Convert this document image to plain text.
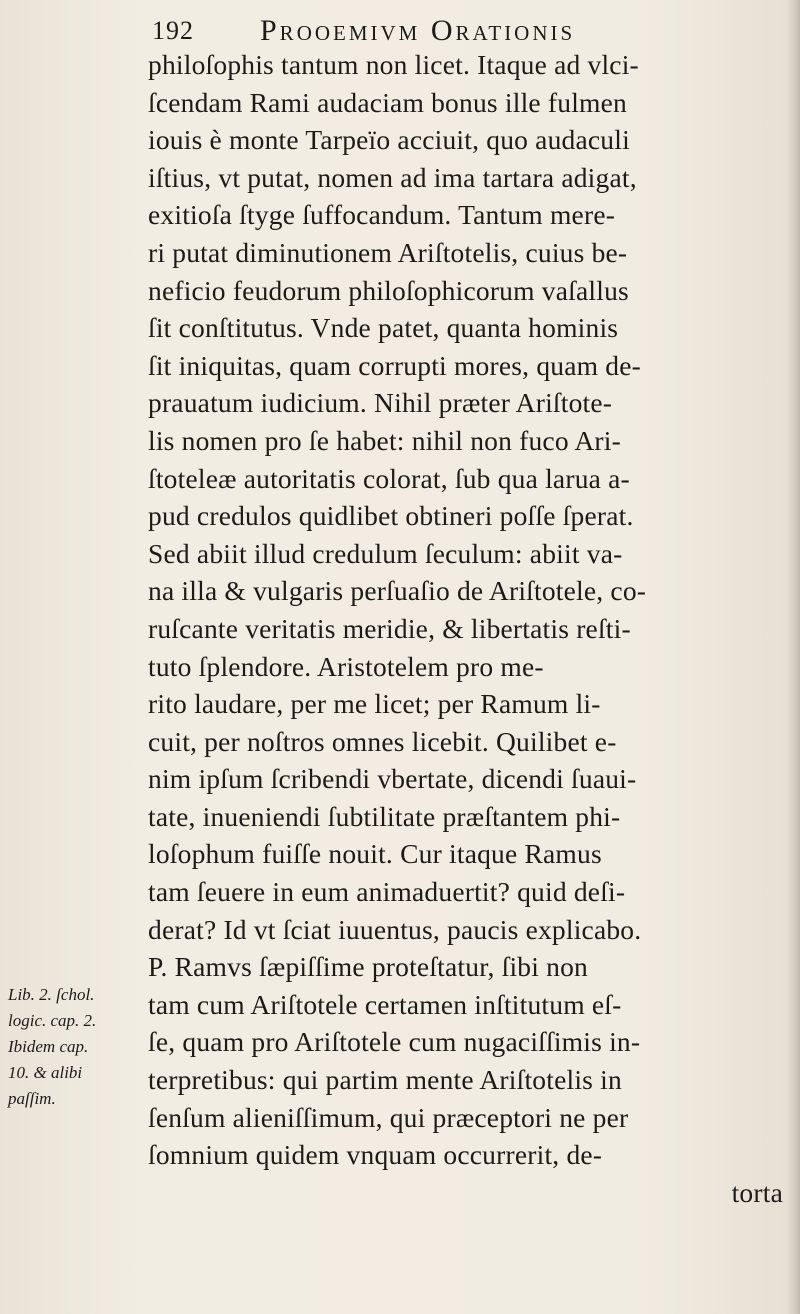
192 Prooemivm Orationis
philoſophis tantum non licet. Itaque ad vlci-
ſcendam Rami audaciam bonus ille fulmen
iouis è monte Tarpeïo acciuit, quo audaculi
iſtius, vt putat, nomen ad ima tartara adigat,
exitioſa ſtyge ſuffocandum. Tantum mere-
ri putat diminutionem Ariſtotelis, cuius be-
neficio feudorum philoſophicorum vaſallus
ſit conſtitutus. Vnde patet, quanta hominis
ſit iniquitas, quam corrupti mores, quam de-
prauatum iudicium. Nihil præter Ariſtote-
lis nomen pro ſe habet: nihil non fuco Ari-
ſtoteleæ autoritatis colorat, ſub qua larua a-
pud credulos quidlibet obtineri poſſe ſperat.
Sed abiit illud credulum ſeculum: abiit va-
na illa & vulgaris perſuaſio de Ariſtotele, co-
ruſcante veritatis meridie, & libertatis reſti-
tuto ſplendore. Aristotelem pro me-
rito laudare, per me licet; per Ramum li-
cuit, per noſtros omnes licebit. Quilibet e-
nim ipſum ſcribendi vbertate, dicendi ſuaui-
tate, inueniendi ſubtilitate præſtantem phi-
loſophum fuiſſe nouit. Cur itaque Ramus
tam ſeuere in eum animaduertit? quid deſi-
derat? Id vt ſciat iuuentus, paucis explicabo.
P. Ramvs ſæpiſſime proteſtatur, ſibi non
tam cum Ariſtotele certamen inſtitutum eſ-
ſe, quam pro Ariſtotele cum nugaciſſimis in-
terpretibus: qui partim mente Ariſtotelis in
ſenſum alieniſſimum, qui præceptori ne per
ſomnium quidem vnquam occurrerit, de-
torta
Lib. 2. ſchol.
logic. cap. 2.
Ibidem cap.
10. & alibi
paſſim.
